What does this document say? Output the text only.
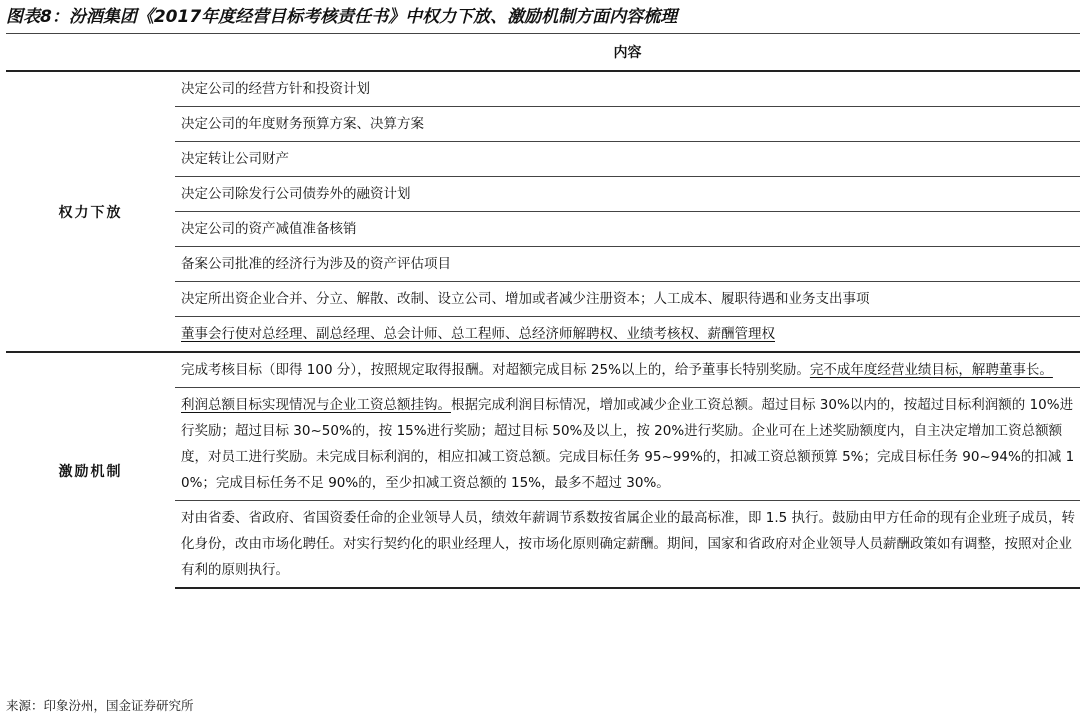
图表8：汾酒集团《2017年度经营目标考核责任书》中权力下放、激励机制方面内容梳理
	内容
权力下放	决定公司的经营方针和投资计划
	决定公司的年度财务预算方案、决算方案
	决定转让公司财产
	决定公司除发行公司债券外的融资计划
	决定公司的资产减值准备核销
	备案公司批准的经济行为涉及的资产评估项目
	决定所出资企业合并、分立、解散、改制、设立公司、增加或者减少注册资本；人工成本、履职待遇和业务支出事项
	董事会行使对总经理、副总经理、总会计师、总工程师、总经济师解聘权、业绩考核权、薪酬管理权
激励机制	完成考核目标（即得 100 分），按照规定取得报酬。对超额完成目标 25%以上的，给予董事长特别奖励。完不成年度经营业绩目标，解聘董事长。
	利润总额目标实现情况与企业工资总额挂钩。根据完成利润目标情况，增加或减少企业工资总额。超过目标 30%以内的，按超过目标利润额的 10%进行奖励；超过目标 30~50%的，按 15%进行奖励；超过目标 50%及以上，按 20%进行奖励。企业可在上述奖励额度内，自主决定增加工资总额额度，对员工进行奖励。未完成目标利润的，相应扣减工资总额。完成目标任务 95~99%的，扣减工资总额预算 5%；完成目标任务 90~94%的扣减 10%；完成目标任务不足 90%的，至少扣减工资总额的 15%，最多不超过 30%。
	对由省委、省政府、省国资委任命的企业领导人员，绩效年薪调节系数按省属企业的最高标准，即 1.5 执行。鼓励由甲方任命的现有企业班子成员，转化身份，改由市场化聘任。对实行契约化的职业经理人，按市场化原则确定薪酬。期间，国家和省政府对企业领导人员薪酬政策如有调整，按照对企业有利的原则执行。
来源：印象汾州，国金证券研究所
